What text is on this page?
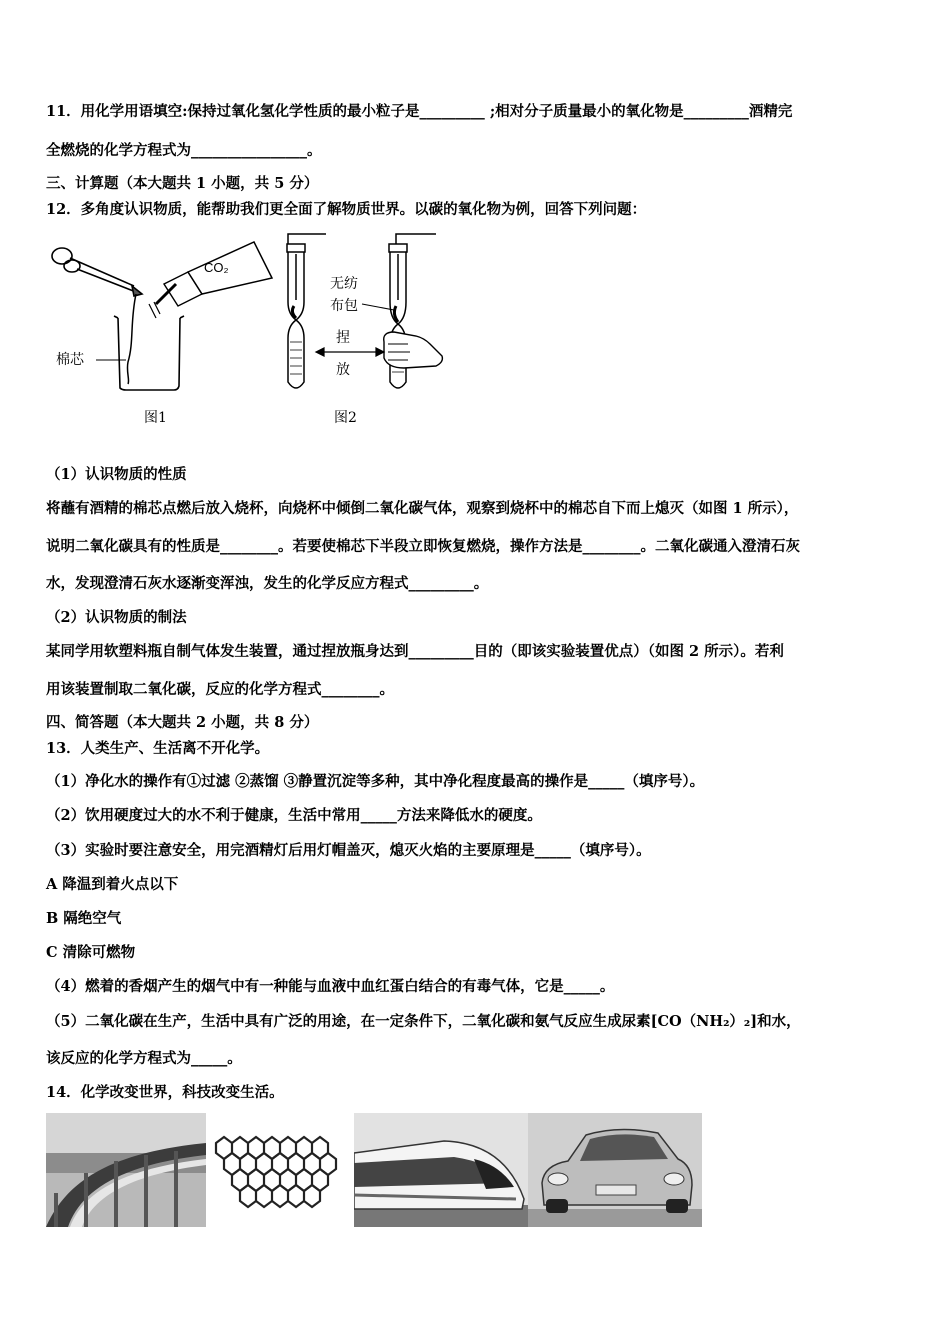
11．用化学用语填空:保持过氧化氢化学性质的最小粒子是_________ ;相对分子质量最小的氧化物是_________酒精完
全燃烧的化学方程式为________________。
三、计算题（本大题共 1 小题，共 5 分）
12．多角度认识物质，能帮助我们更全面了解物质世界。以碳的氧化物为例，回答下列问题：
CO₂
棉芯
图1
无纺
布包
捏
放
图2
（1）认识物质的性质
将蘸有酒精的棉芯点燃后放入烧杯，向烧杯中倾倒二氧化碳气体，观察到烧杯中的棉芯自下而上熄灭（如图 1 所示），
说明二氧化碳具有的性质是________。若要使棉芯下半段立即恢复燃烧，操作方法是________。二氧化碳通入澄清石灰
水，发现澄清石灰水逐渐变浑浊，发生的化学反应方程式_________。
（2）认识物质的制法
某同学用软塑料瓶自制气体发生装置，通过捏放瓶身达到_________目的（即该实验装置优点）（如图 2 所示）。若利
用该装置制取二氧化碳，反应的化学方程式________。
四、简答题（本大题共 2 小题，共 8 分）
13．人类生产、生活离不开化学。
（1）净化水的操作有①过滤 ②蒸馏 ③静置沉淀等多种，其中净化程度最高的操作是_____（填序号）。
（2）饮用硬度过大的水不利于健康，生活中常用_____方法来降低水的硬度。
（3）实验时要注意安全，用完酒精灯后用灯帽盖灭，熄灭火焰的主要原理是_____（填序号）。
A 降温到着火点以下
B 隔绝空气
C 清除可燃物
（4）燃着的香烟产生的烟气中有一种能与血液中血红蛋白结合的有毒气体，它是_____。
（5）二氧化碳在生产，生活中具有广泛的用途，在一定条件下，二氧化碳和氨气反应生成尿素[CO（NH₂）₂]和水，
该反应的化学方程式为_____。
14．化学改变世界，科技改变生活。
